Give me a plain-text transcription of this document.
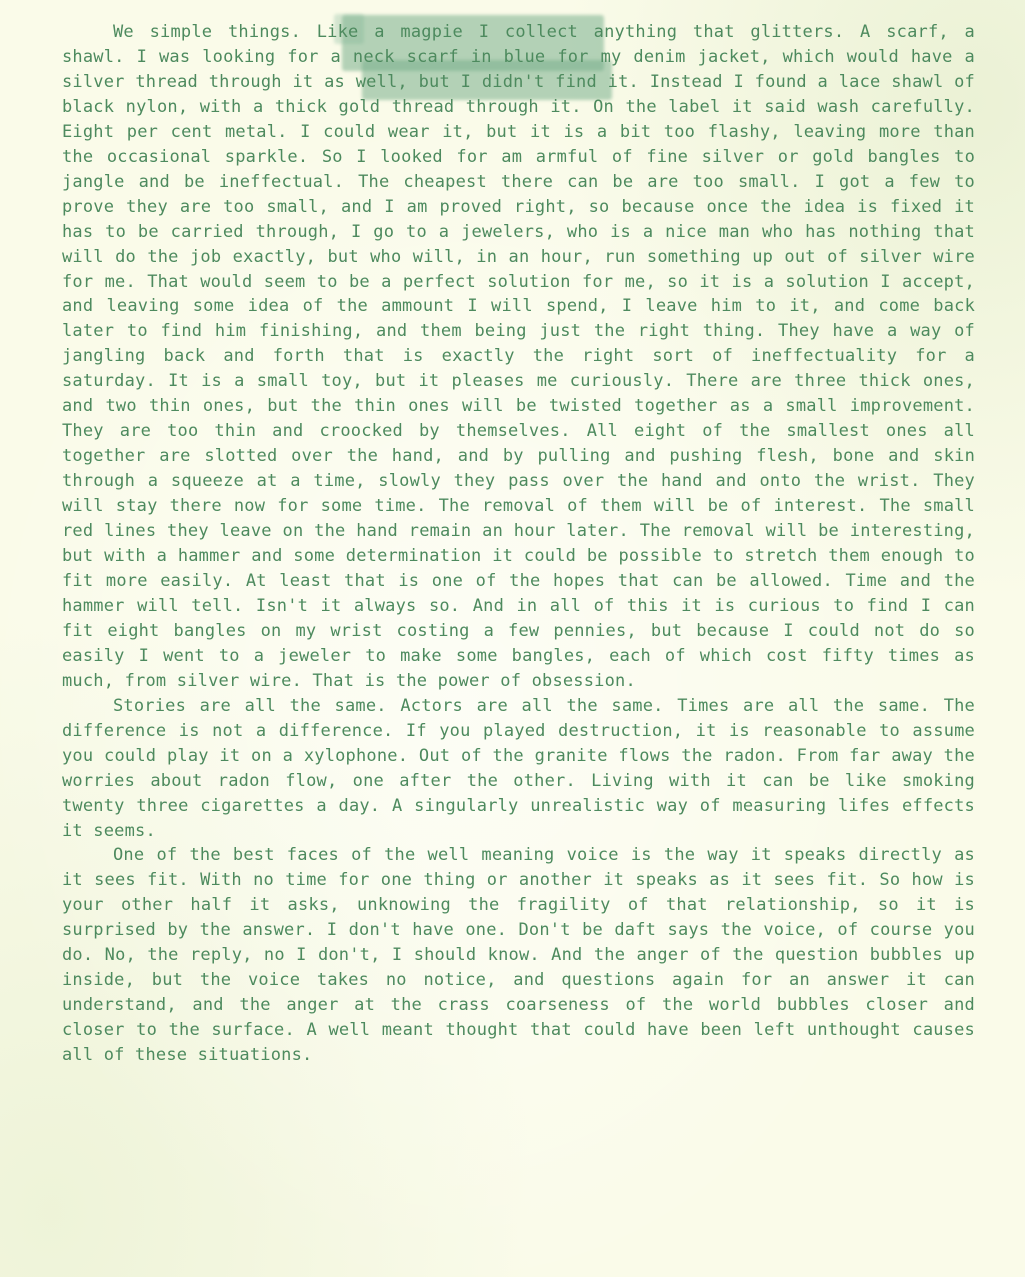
We simple things. Like a magpie I collect anything that glitters. A scarf, a shawl. I was looking for a neck scarf in blue for my denim jacket, which would have a silver thread through it as well, but I didn't find it. Instead I found a lace shawl of black nylon, with a thick gold thread through it. On the label it said wash carefully. Eight per cent metal. I could wear it, but it is a bit too flashy, leaving more than the occasional sparkle. So I looked for am armful of fine silver or gold bangles to jangle and be ineffectual. The cheapest there can be are too small. I got a few to prove they are too small, and I am proved right, so because once the idea is fixed it has to be carried through, I go to a jewelers, who is a nice man who has nothing that will do the job exactly, but who will, in an hour, run something up out of silver wire for me. That would seem to be a perfect solution for me, so it is a solution I accept, and leaving some idea of the ammount I will spend, I leave him to it, and come back later to find him finishing, and them being just the right thing. They have a way of jangling back and forth that is exactly the right sort of ineffectuality for a saturday. It is a small toy, but it pleases me curiously. There are three thick ones, and two thin ones, but the thin ones will be twisted together as a small improvement. They are too thin and croocked by themselves. All eight of the smallest ones all together are slotted over the hand, and by pulling and pushing flesh, bone and skin through a squeeze at a time, slowly they pass over the hand and onto the wrist. They will stay there now for some time. The removal of them will be of interest. The small red lines they leave on the hand remain an hour later. The removal will be interesting, but with a hammer and some determination it could be possible to stretch them enough to fit more easily. At least that is one of the hopes that can be allowed. Time and the hammer will tell. Isn't it always so. And in all of this it is curious to find I can fit eight bangles on my wrist costing a few pennies, but because I could not do so easily I went to a jeweler to make some bangles, each of which cost fifty times as much, from silver wire. That is the power of obsession.

Stories are all the same. Actors are all the same. Times are all the same. The difference is not a difference. If you played destruction, it is reasonable to assume you could play it on a xylophone. Out of the granite flows the radon. From far away the worries about radon flow, one after the other. Living with it can be like smoking twenty three cigarettes a day. A singularly unrealistic way of measuring lifes effects it seems.

One of the best faces of the well meaning voice is the way it speaks directly as it sees fit. With no time for one thing or another it speaks as it sees fit. So how is your other half it asks, unknowing the fragility of that relationship, so it is surprised by the answer. I don't have one. Don't be daft says the voice, of course you do. No, the reply, no I don't, I should know. And the anger of the question bubbles up inside, but the voice takes no notice, and questions again for an answer it can understand, and the anger at the crass coarseness of the world bubbles closer and closer to the surface. A well meant thought that could have been left unthought causes all of these situations.
